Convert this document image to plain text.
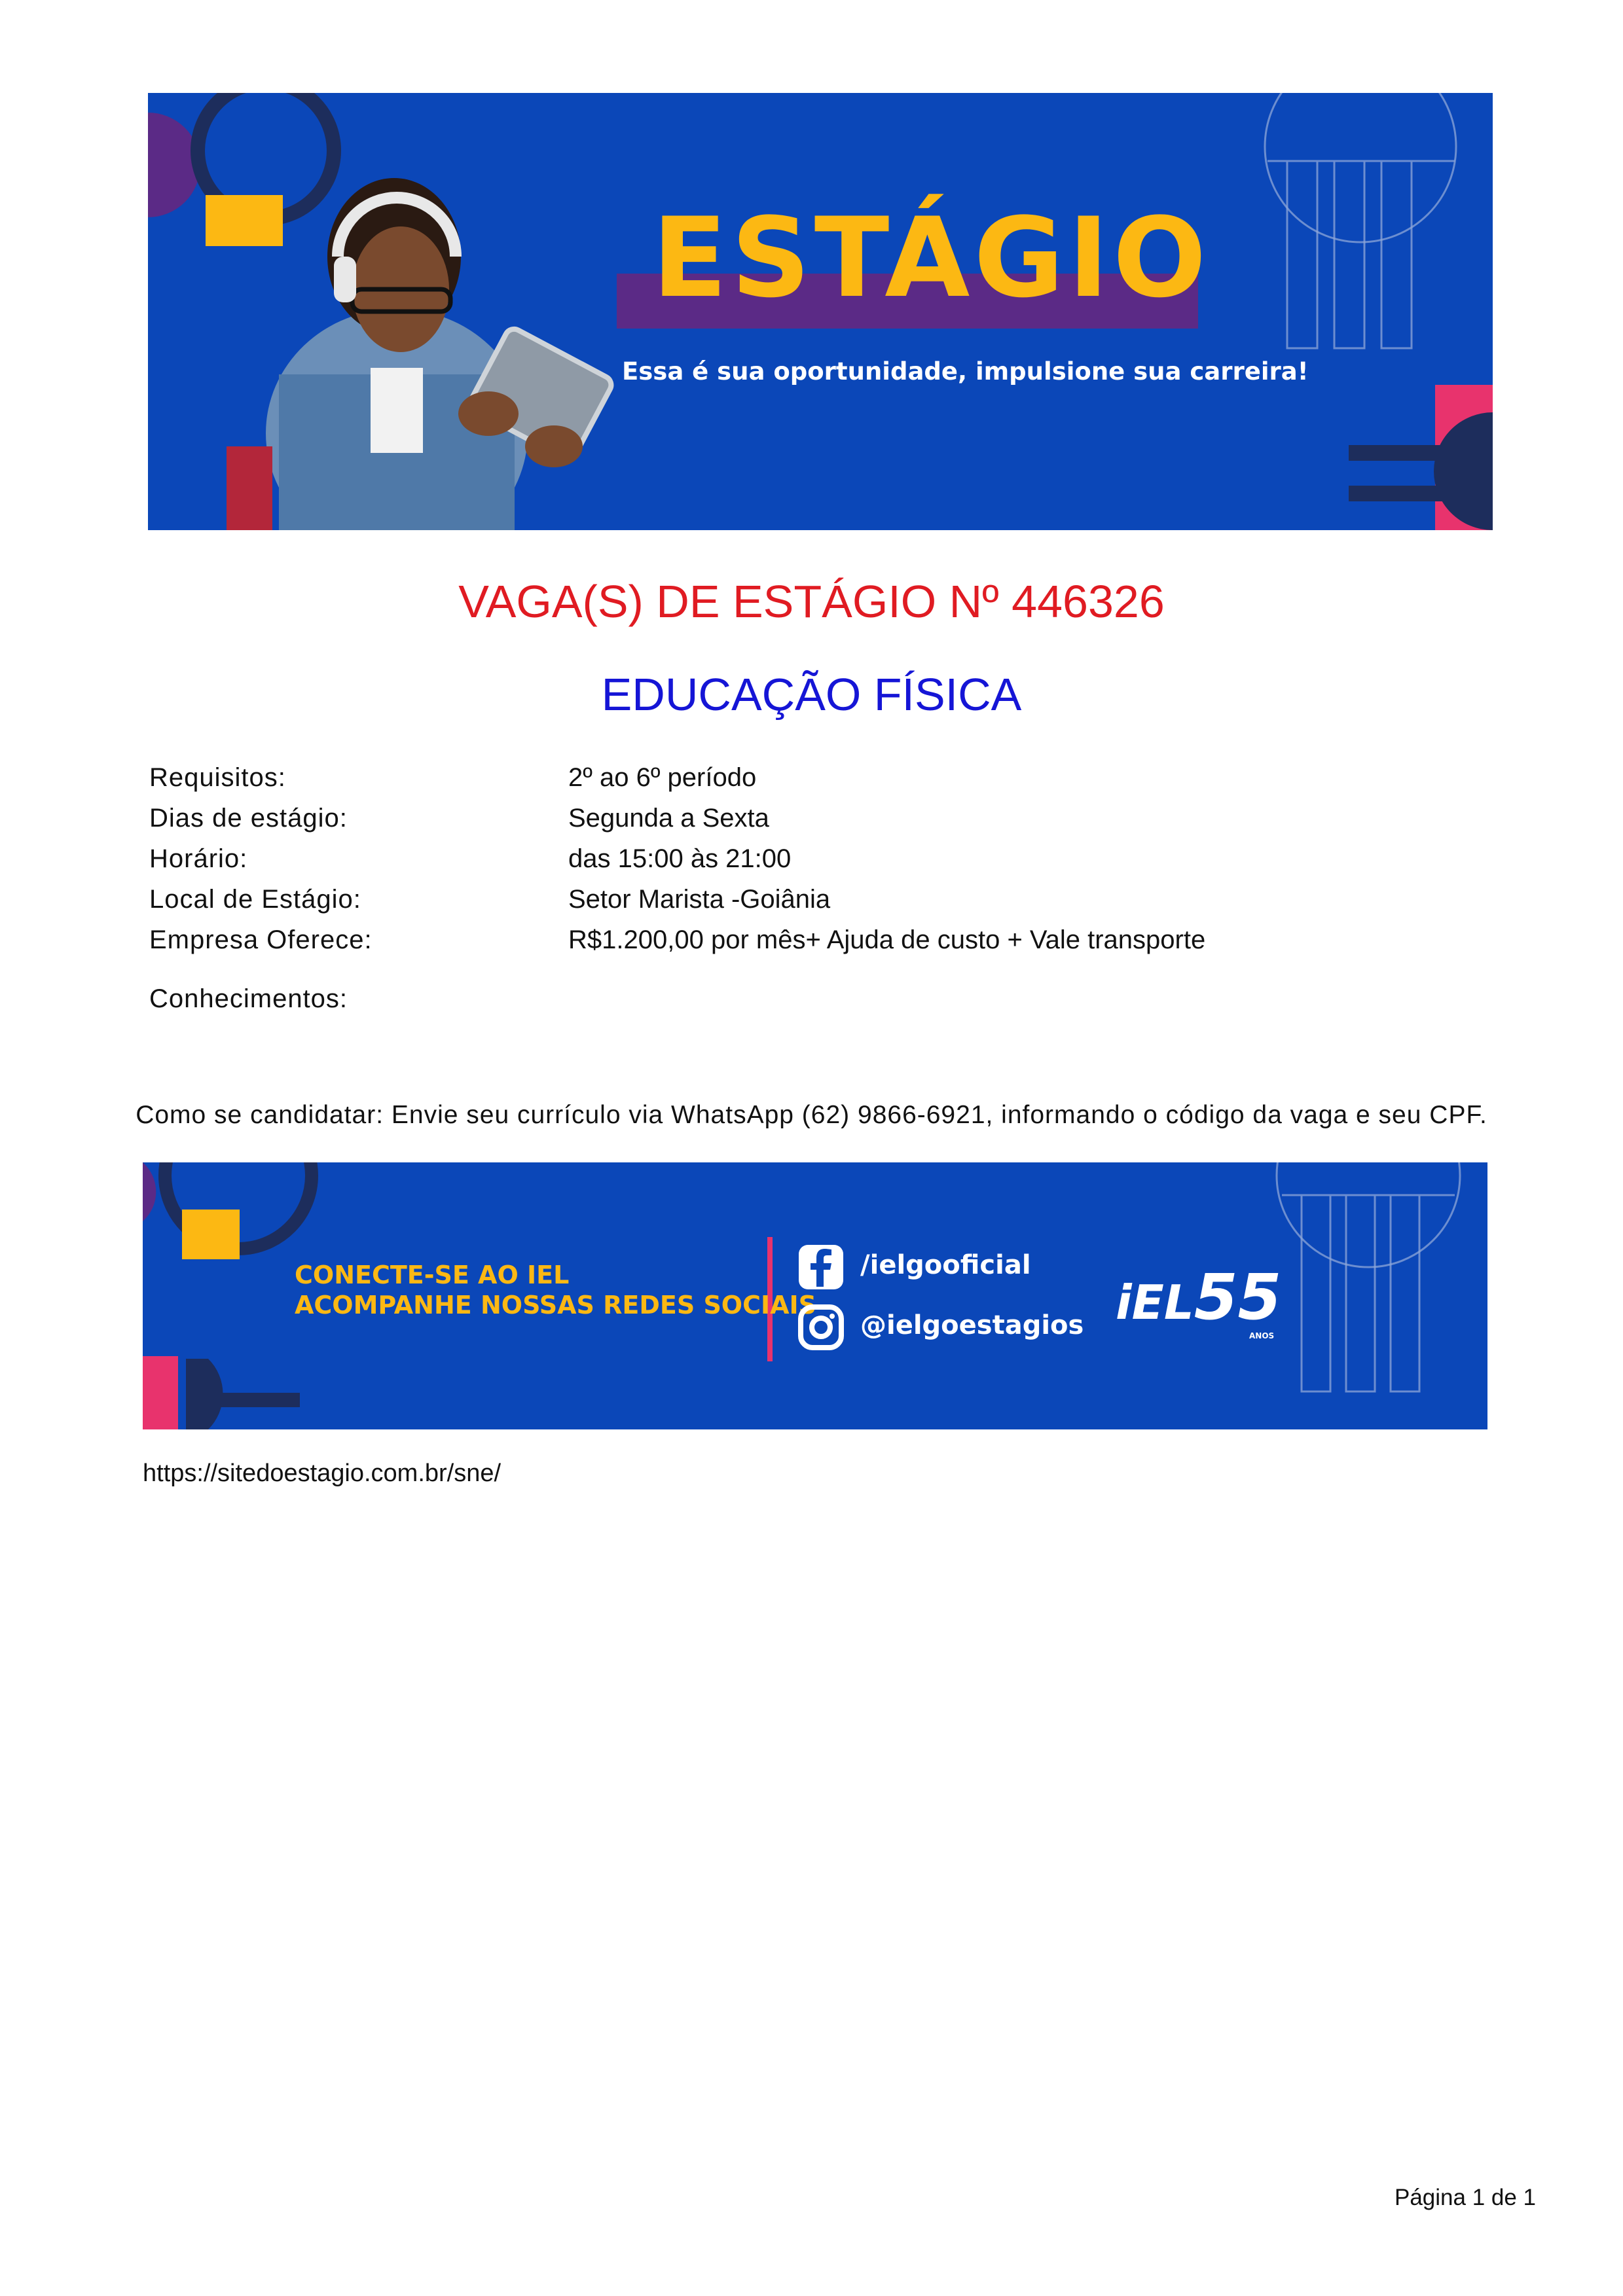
ESTÁGIO
Essa é sua oportunidade, impulsione sua carreira!
VAGA(S) DE ESTÁGIO Nº 446326
EDUCAÇÃO FÍSICA
Requisitos:	2º ao 6º período
Dias de estágio:	Segunda a Sexta
Horário:	das 15:00 às 21:00
Local de Estágio:	Setor Marista -Goiânia
Empresa Oferece:	R$1.200,00 por mês+ Ajuda de custo + Vale transporte
Conhecimentos:
Como se candidatar: Envie seu currículo via WhatsApp (62) 9866-6921, informando o código da vaga e seu CPF.
CONECTE-SE AO IEL
ACOMPANHE NOSSAS REDES SOCIAIS
/ielgooficial
@ielgoestagios iEL55
ANOS
https://sitedoestagio.com.br/sne/
Página 1 de 1
